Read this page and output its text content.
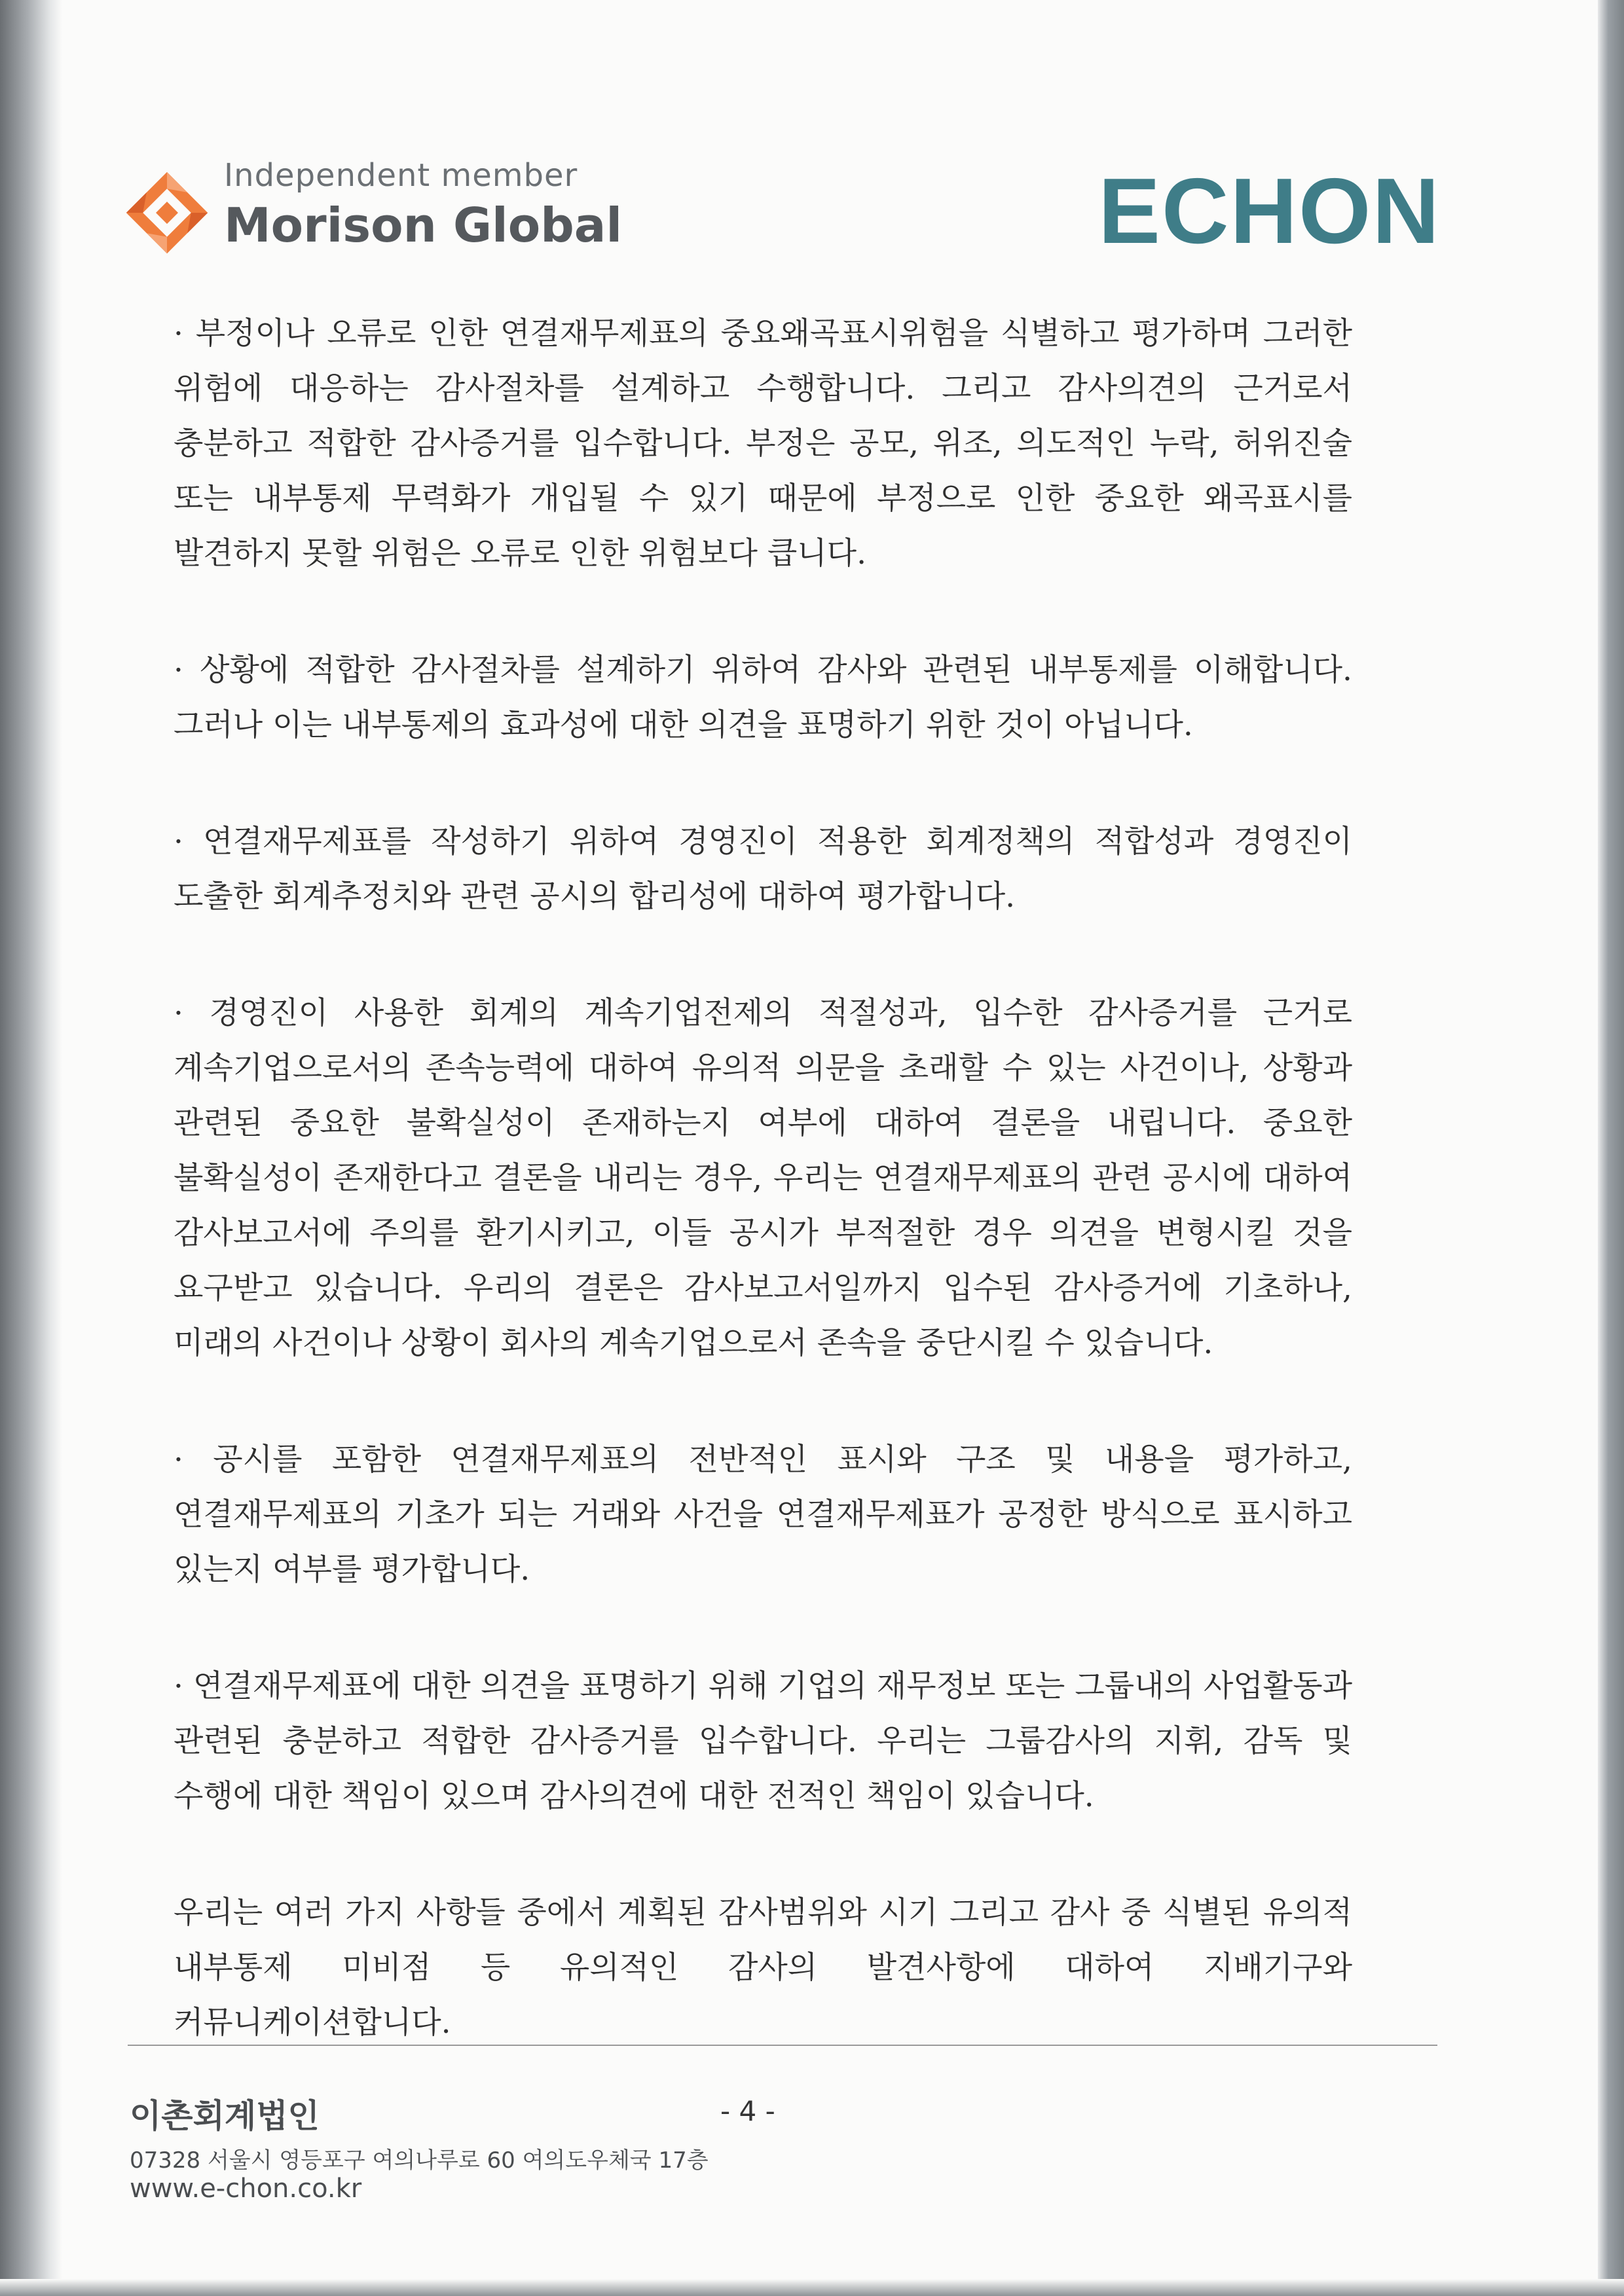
Independent member
Morison Global	ECHON

· 부정이나 오류로 인한 연결재무제표의 중요왜곡표시위험을 식별하고 평가하며 그러한 위험에 대응하는 감사절차를 설계하고 수행합니다. 그리고 감사의견의 근거로서 충분하고 적합한 감사증거를 입수합니다. 부정은 공모, 위조, 의도적인 누락, 허위진술 또는 내부통제 무력화가 개입될 수 있기 때문에 부정으로 인한 중요한 왜곡표시를 발견하지 못할 위험은 오류로 인한 위험보다 큽니다.

· 상황에 적합한 감사절차를 설계하기 위하여 감사와 관련된 내부통제를 이해합니다. 그러나 이는 내부통제의 효과성에 대한 의견을 표명하기 위한 것이 아닙니다.

· 연결재무제표를 작성하기 위하여 경영진이 적용한 회계정책의 적합성과 경영진이 도출한 회계추정치와 관련 공시의 합리성에 대하여 평가합니다.

· 경영진이 사용한 회계의 계속기업전제의 적절성과, 입수한 감사증거를 근거로 계속기업으로서의 존속능력에 대하여 유의적 의문을 초래할 수 있는 사건이나, 상황과 관련된 중요한 불확실성이 존재하는지 여부에 대하여 결론을 내립니다. 중요한 불확실성이 존재한다고 결론을 내리는 경우, 우리는 연결재무제표의 관련 공시에 대하여 감사보고서에 주의를 환기시키고, 이들 공시가 부적절한 경우 의견을 변형시킬 것을 요구받고 있습니다. 우리의 결론은 감사보고서일까지 입수된 감사증거에 기초하나, 미래의 사건이나 상황이 회사의 계속기업으로서 존속을 중단시킬 수 있습니다.

· 공시를 포함한 연결재무제표의 전반적인 표시와 구조 및 내용을 평가하고, 연결재무제표의 기초가 되는 거래와 사건을 연결재무제표가 공정한 방식으로 표시하고 있는지 여부를 평가합니다.

· 연결재무제표에 대한 의견을 표명하기 위해 기업의 재무정보 또는 그룹내의 사업활동과 관련된 충분하고 적합한 감사증거를 입수합니다. 우리는 그룹감사의 지휘, 감독 및 수행에 대한 책임이 있으며 감사의견에 대한 전적인 책임이 있습니다.

우리는 여러 가지 사항들 중에서 계획된 감사범위와 시기 그리고 감사 중 식별된 유의적 내부통제 미비점 등 유의적인 감사의 발견사항에 대하여 지배기구와 커뮤니케이션합니다.

이촌회계법인	- 4 -
07328 서울시 영등포구 여의나루로 60 여의도우체국 17층
www.e-chon.co.kr
